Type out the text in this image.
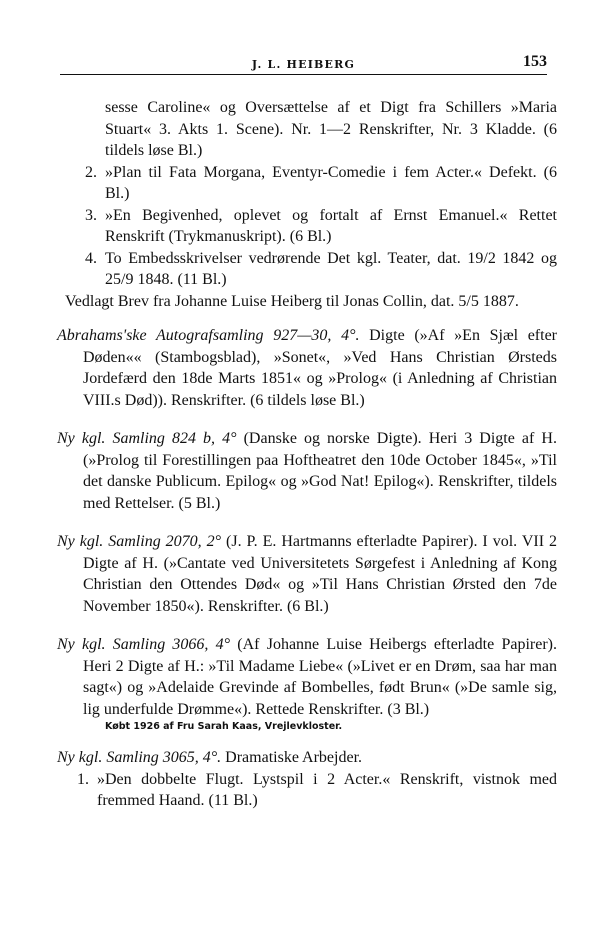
J. L. HEIBERG	153
sesse Caroline« og Oversættelse af et Digt fra Schillers »Maria Stuart« 3. Akts 1. Scene). Nr. 1—2 Renskrifter, Nr. 3 Kladde. (6 tildels løse Bl.)
2. »Plan til Fata Morgana, Eventyr-Comedie i fem Acter.« Defekt. (6 Bl.)
3. »En Begivenhed, oplevet og fortalt af Ernst Emanuel.« Rettet Renskrift (Trykmanuskript). (6 Bl.)
4. To Embedsskrivelser vedrørende Det kgl. Teater, dat. 19/2 1842 og 25/9 1848. (11 Bl.)
Vedlagt Brev fra Johanne Luise Heiberg til Jonas Collin, dat. 5/5 1887.
Abrahams'ske Autografsamling 927—30, 4°. Digte (»Af »En Sjæl efter Døden«« (Stambogsblad), »Sonet«, »Ved Hans Christian Ørsteds Jordefærd den 18de Marts 1851« og »Prolog« (i Anledning af Christian VIII.s Død)). Renskrifter. (6 tildels løse Bl.)
Ny kgl. Samling 824 b, 4° (Danske og norske Digte). Heri 3 Digte af H. (»Prolog til Forestillingen paa Hoftheatret den 10de October 1845«, »Til det danske Publicum. Epilog« og »God Nat! Epilog«). Renskrifter, tildels med Rettelser. (5 Bl.)
Ny kgl. Samling 2070, 2° (J. P. E. Hartmanns efterladte Papirer). I vol. VII 2 Digte af H. (»Cantate ved Universitetets Sørgefest i Anledning af Kong Christian den Ottendes Død« og »Til Hans Christian Ørsted den 7de November 1850«). Renskrifter. (6 Bl.)
Ny kgl. Samling 3066, 4° (Af Johanne Luise Heibergs efterladte Papirer). Heri 2 Digte af H.: »Til Madame Liebe« (»Livet er en Drøm, saa har man sagt«) og »Adelaide Grevinde af Bombelles, født Brun« (»De samle sig, lig underfulde Drømme«). Rettede Renskrifter. (3 Bl.)
Købt 1926 af Fru Sarah Kaas, Vrejlevkloster.
Ny kgl. Samling 3065, 4°. Dramatiske Arbejder.
1. »Den dobbelte Flugt. Lystspil i 2 Acter.« Renskrift, vistnok med fremmed Haand. (11 Bl.)
